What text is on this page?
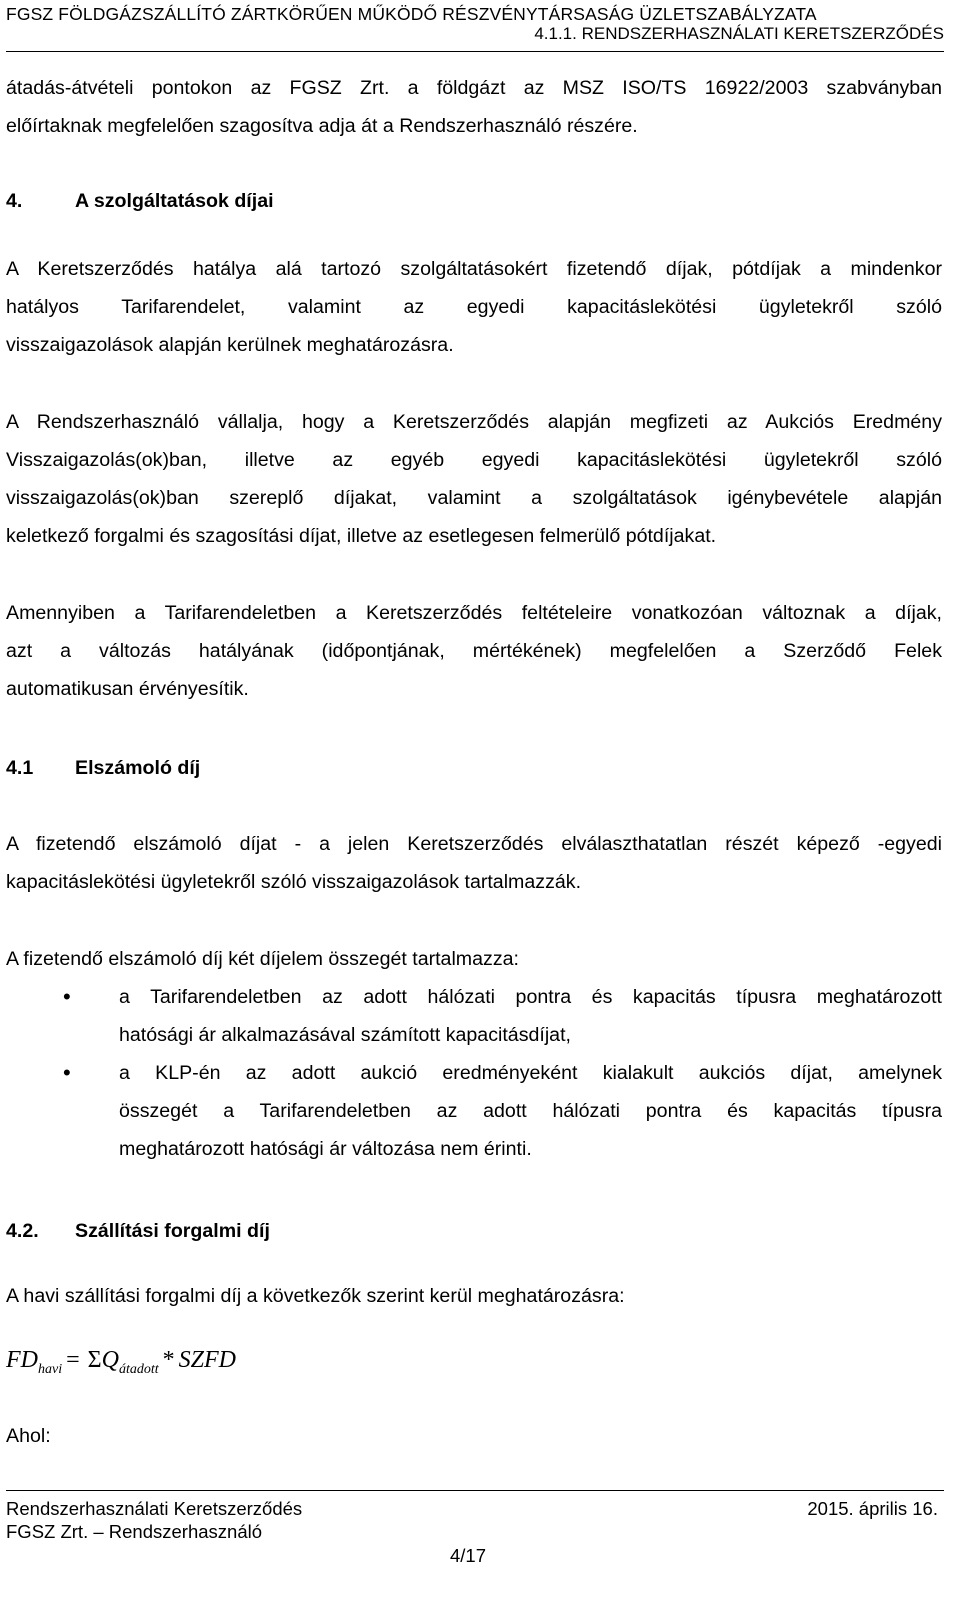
FGSZ FÖLDGÁZSZÁLLÍTÓ ZÁRTKÖRŰEN MŰKÖDŐ RÉSZVÉNYTÁRSASÁG ÜZLETSZABÁLYZATA
4.1.1. RENDSZERHASZNÁLATI KERETSZERZŐDÉS
átadás-átvételi pontokon az FGSZ Zrt. a földgázt az MSZ ISO/TS 16922/2003 szabványban
előírtaknak megfelelően szagosítva adja át a Rendszerhasználó részére.
4.	A szolgáltatások díjai
A Keretszerződés hatálya alá tartozó szolgáltatásokért fizetendő díjak, pótdíjak a mindenkor
hatályos Tarifarendelet, valamint az egyedi kapacitáslekötési ügyletekről szóló
visszaigazolások alapján kerülnek meghatározásra.
A Rendszerhasználó vállalja, hogy a Keretszerződés alapján megfizeti az Aukciós Eredmény
Visszaigazolás(ok)ban, illetve az egyéb egyedi kapacitáslekötési ügyletekről szóló
visszaigazolás(ok)ban szereplő díjakat, valamint a szolgáltatások igénybevétele alapján
keletkező forgalmi és szagosítási díjat, illetve az esetlegesen felmerülő pótdíjakat.
Amennyiben a Tarifarendeletben a Keretszerződés feltételeire vonatkozóan változnak a díjak,
azt a változás hatályának (időpontjának, mértékének) megfelelően a Szerződő Felek
automatikusan érvényesítik.
4.1 Elszámoló díj
A fizetendő elszámoló díjat - a jelen Keretszerződés elválaszthatatlan részét képező -egyedi
kapacitáslekötési ügyletekről szóló visszaigazolások tartalmazzák.
A fizetendő elszámoló díj két díjelem összegét tartalmazza:
• a Tarifarendeletben az adott hálózati pontra és kapacitás típusra meghatározott
hatósági ár alkalmazásával számított kapacitásdíjat,
• a KLP-én az adott aukció eredményeként kialakult aukciós díjat, amelynek
összegét a Tarifarendeletben az adott hálózati pontra és kapacitás típusra
meghatározott hatósági ár változása nem érinti.
4.2. Szállítási forgalmi díj
A havi szállítási forgalmi díj a következők szerint kerül meghatározásra:
$FD_{havi} = \Sigma Q_{átadott}$ * SZFD
Ahol:
Rendszerhasználati Keretszerződés	2015. április 16.
FGSZ Zrt. – Rendszerhasználó
4/17
